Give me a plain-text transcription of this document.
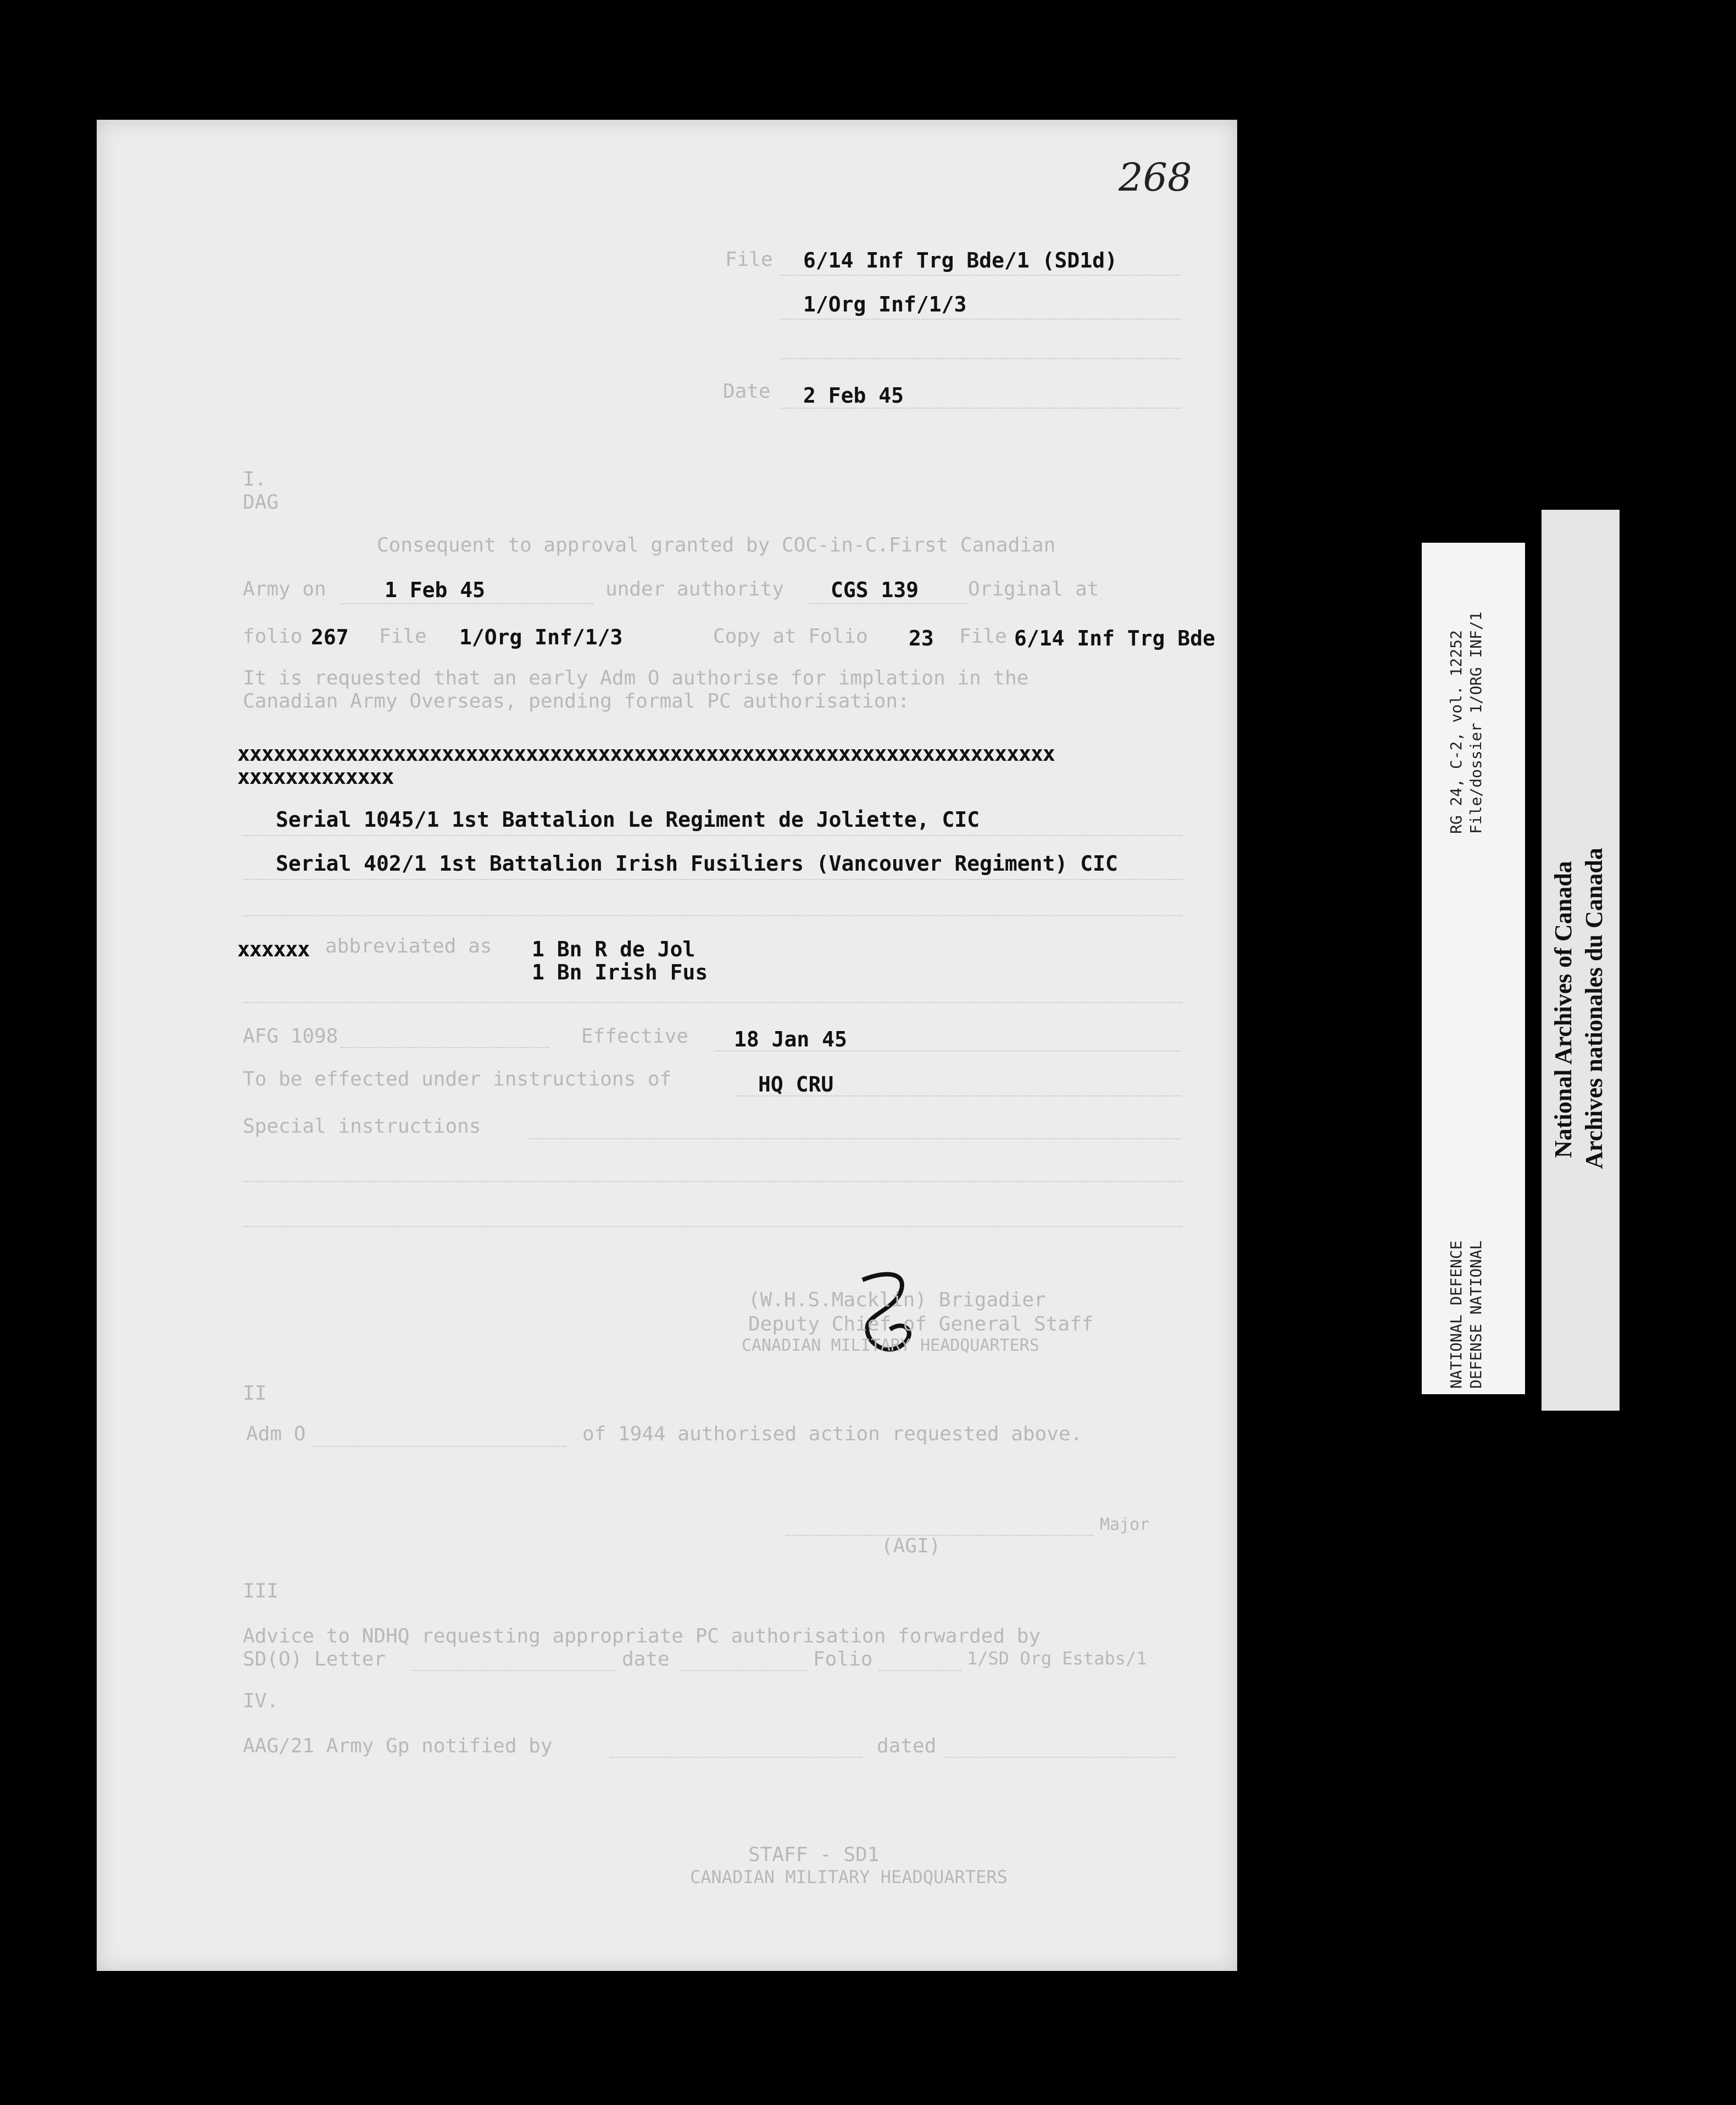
268
File 6/14 Inf Trg Bde/1 (SD1d)
1/Org Inf/1/3
Date 2 Feb 45
I.
DAG
Consequent to approval granted by COC-in-C.First Canadian
Army on	1 Feb 45	under authority CGS 139 Original at
folio 267 File 1/Org Inf/1/3	Copy at Folio 23 File 6/14 Inf Trg Bde
It is requested that an early Adm O authorise for implation in the
Canadian Army Overseas, pending formal PC authorisation:
xxxxxxxxxxxxxxxxxxxxxxxxxxxxxxxxxxxxxxxxxxxxxxxxxxxxxxxxxxxxxxxxxxxx
xxxxxxxxxxxxx
Serial 1045/1 1st Battalion Le Regiment de Joliette, CIC
Serial 402/1 1st Battalion Irish Fusiliers (Vancouver Regiment) CIC
xxxxxx abbreviated as 1 Bn R de Jol
1 Bn Irish Fus
AFG 1098	Effective 18 Jan 45
To be effected under instructions of	HQ CRU
Special instructions
(W.H.S.Macklin) Brigadier
Deputy Chief of General Staff
CANADIAN MILITARY HEADQUARTERS
II
Adm O	of 1944 authorised action requested above.
Major
(AGI)
III
Advice to NDHQ requesting appropriate PC authorisation forwarded by
SD(O) Letter	date	Folio	1/SD Org Estabs/1
IV.
AAG/21 Army Gp notified by	dated
STAFF - SD1
CANADIAN MILITARY HEADQUARTERS
RG 24, C-2, vol. 12252 File/dossier 1/ORG INF/1
NATIONAL DEFENCE DEFENSE NATIONAL
National Archives of Canada Archives nationales du Canada
